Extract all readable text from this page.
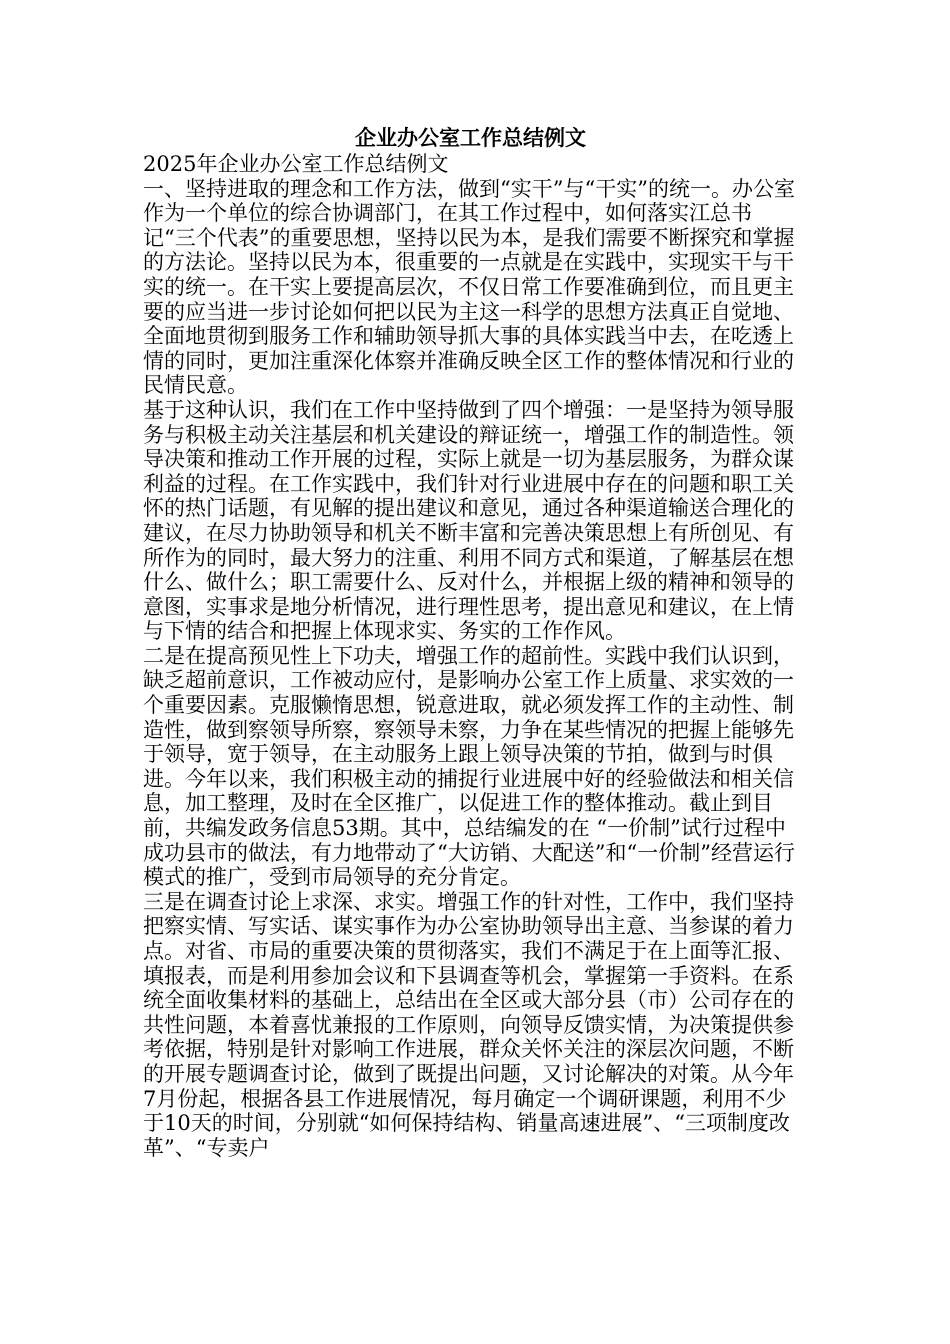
企业办公室工作总结例文

2025年企业办公室工作总结例文

一、坚持进取的理念和工作方法，做到“实干”与“干实”的统一。办公室作为一个单位的综合协调部门，在其工作过程中，如何落实江总书记“三个代表”的重要思想，坚持以民为本，是我们需要不断探究和掌握的方法论。坚持以民为本，很重要的一点就是在实践中，实现实干与干实的统一。在干实上要提高层次，不仅日常工作要准确到位，而且更主要的应当进一步讨论如何把以民为主这一科学的思想方法真正自觉地、全面地贯彻到服务工作和辅助领导抓大事的具体实践当中去，在吃透上情的同时，更加注重深化体察并准确反映全区工作的整体情况和行业的民情民意。

基于这种认识，我们在工作中坚持做到了四个增强：一是坚持为领导服务与积极主动关注基层和机关建设的辩证统一，增强工作的制造性。领导决策和推动工作开展的过程，实际上就是一切为基层服务，为群众谋利益的过程。在工作实践中，我们针对行业进展中存在的问题和职工关怀的热门话题，有见解的提出建议和意见，通过各种渠道输送合理化的建议，在尽力协助领导和机关不断丰富和完善决策思想上有所创见、有所作为的同时，最大努力的注重、利用不同方式和渠道，了解基层在想什么、做什么；职工需要什么、反对什么，并根据上级的精神和领导的意图，实事求是地分析情况，进行理性思考，提出意见和建议，在上情与下情的结合和把握上体现求实、务实的工作作风。

二是在提高预见性上下功夫，增强工作的超前性。实践中我们认识到，缺乏超前意识，工作被动应付，是影响办公室工作上质量、求实效的一个重要因素。克服懒惰思想，锐意进取，就必须发挥工作的主动性、制造性，做到察领导所察，察领导未察，力争在某些情况的把握上能够先于领导，宽于领导，在主动服务上跟上领导决策的节拍，做到与时俱进。今年以来，我们积极主动的捕捉行业进展中好的经验做法和相关信息，加工整理，及时在全区推广，以促进工作的整体推动。截止到目前，共编发政务信息53期。其中，总结编发的在 “一价制”试行过程中成功县市的做法，有力地带动了“大访销、大配送”和“一价制”经营运行模式的推广，受到市局领导的充分肯定。

三是在调查讨论上求深、求实。增强工作的针对性，工作中，我们坚持把察实情、写实话、谋实事作为办公室协助领导出主意、当参谋的着力点。对省、市局的重要决策的贯彻落实，我们不满足于在上面等汇报、填报表，而是利用参加会议和下县调查等机会，掌握第一手资料。在系统全面收集材料的基础上，总结出在全区或大部分县（市）公司存在的共性问题，本着喜忧兼报的工作原则，向领导反馈实情，为决策提供参考依据，特别是针对影响工作进展，群众关怀关注的深层次问题，不断的开展专题调查讨论，做到了既提出问题，又讨论解决的对策。从今年7月份起，根据各县工作进展情况，每月确定一个调研课题，利用不少于10天的时间，分别就“如何保持结构、销量高速进展”、“三项制度改革”、“专卖户
